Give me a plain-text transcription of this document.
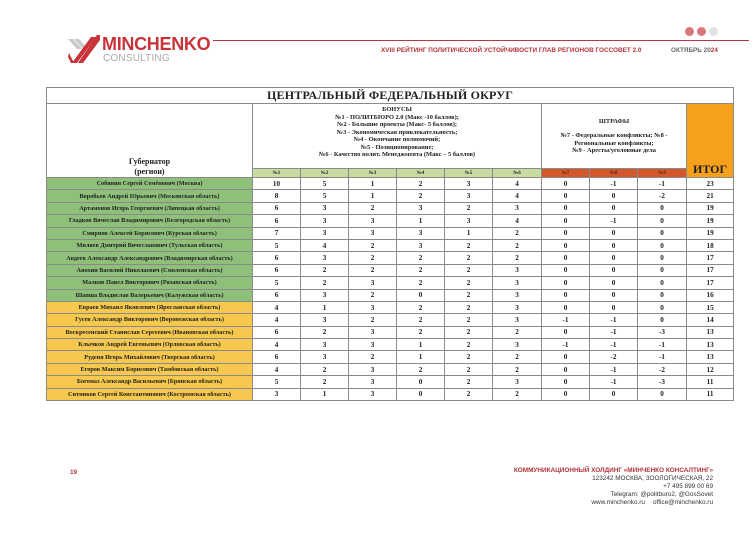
MINCHENKO
CONSULTING
XVIII РЕЙТИНГ ПОЛИТИЧЕСКОЙ УСТОЙЧИВОСТИ ГЛАВ РЕГИОНОВ ГОССОВЕТ 2.0	ОКТЯБРЬ 2024
ЦЕНТРАЛЬНЫЙ ФЕДЕРАЛЬНЫЙ ОКРУГ										

Губернатор
(регион)

БОНУСЫ
№1 - ПОЛИТБЮРО 2.0 (Макс -10 баллов);
№2 - Большие проекты (Макс- 5 баллов);
№3 - Экономическая привлекательность;
№4 - Окончание полномочий;
№5 - Позиционирование;
№6 - Качество полит. Менеджмента (Макс – 5 баллов)

ШТРАФЫ
№7 - Федеральные конфликты; №8 -
Региональные конфликты;
№9 - Аресты/уголовные дела
	ИТОГ
	№1	№2	№3	№4	№5	№6	№7	№8	№9	
Собянин Сергей Семёнович (Москва)	10	5	1	2	3	4	0	-1	-1	23
Воробьев Андрей Юрьевич (Московская область)	8	5	1	2	3	4	0	0	-2	21
Артамонов Игорь Георгиевич (Липецкая область)	6	3	2	3	2	3	0	0	0	19
Гладков Вячеслав Владимирович (Белгородская область)	6	3	3	1	3	4	0	-1	0	19
Смирнов Алексей Борисович (Курская область)	7	3	3	3	1	2	0	0	0	19
Миляев Дмитрий Вячеславович (Тульская область)	5	4	2	3	2	2	0	0	0	18
Авдеев Александр Александрович (Владимирская область)	6	3	2	2	2	2	0	0	0	17
Анохин Василий Николаевич (Смоленская область)	6	2	2	2	2	3	0	0	0	17
Малков Павел Викторович (Рязанская область)	5	2	3	2	2	3	0	0	0	17
Шапша Владислав Валерьевич (Калужская область)	6	3	2	0	2	3	0	0	0	16
Евраев Михаил Яковлевич (Ярославская область)	4	1	3	2	2	3	0	0	0	15
Гусев Александр Викторович (Воронежская область)	4	3	2	2	2	3	-1	-1	0	14
Воскресенский Станислав Сергеевич (Ивановская область)	6	2	3	2	2	2	0	-1	-3	13
Клычков Андрей Евгеньевич (Орловская область)	4	3	3	1	2	3	-1	-1	-1	13
Руденя Игорь Михайлович (Тверская область)	6	3	2	1	2	2	0	-2	-1	13
Егоров Максим Борисович (Тамбовская область)	4	2	3	2	2	2	0	-1	-2	12
Богомаз Александр Васильевич (Брянская область)	5	2	3	0	2	3	0	-1	-3	11
Ситников Сергей Константинович (Костромская область)	3	1	3	0	2	2	0	0	0	11
19	КОММУНИКАЦИОННЫЙ ХОЛДИНГ «МИНЧЕНКО КОНСАЛТИНГ»
123242 МОСКВА, ЗООЛОГИЧЕСКАЯ, 22
+7 495 899 00 69
Telegram: @politburo2, @GosSovet
www.minchenko.ru office@minchenko.ru
